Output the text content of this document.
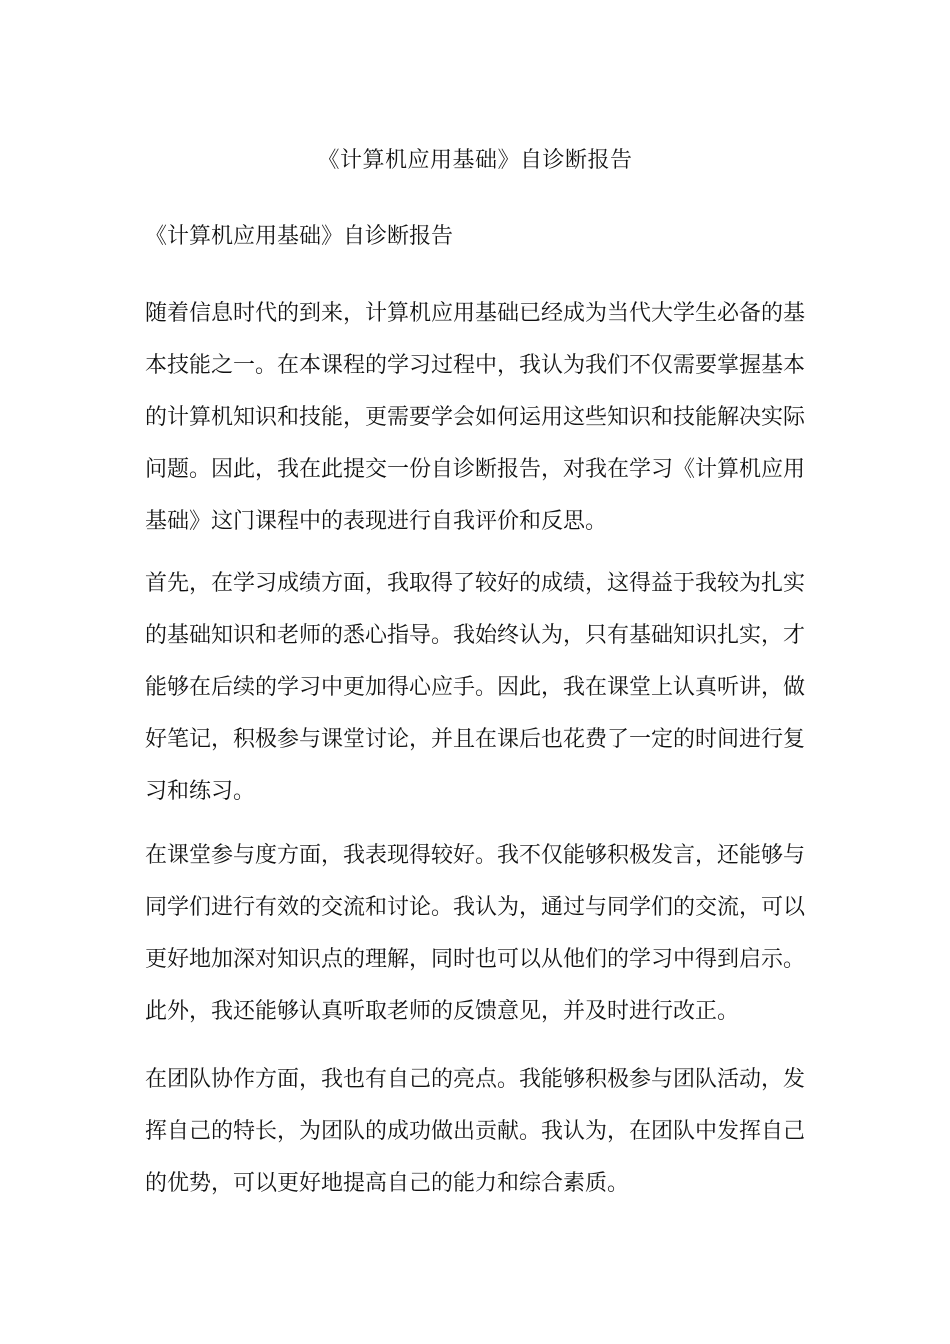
《计算机应用基础》自诊断报告
《计算机应用基础》自诊断报告

随着信息时代的到来，计算机应用基础已经成为当代大学生必备的基本技能之一。在本课程的学习过程中，我认为我们不仅需要掌握基本的计算机知识和技能，更需要学会如何运用这些知识和技能解决实际问题。因此，我在此提交一份自诊断报告，对我在学习《计算机应用基础》这门课程中的表现进行自我评价和反思。

首先，在学习成绩方面，我取得了较好的成绩，这得益于我较为扎实的基础知识和老师的悉心指导。我始终认为，只有基础知识扎实，才能够在后续的学习中更加得心应手。因此，我在课堂上认真听讲，做好笔记，积极参与课堂讨论，并且在课后也花费了一定的时间进行复习和练习。

在课堂参与度方面，我表现得较好。我不仅能够积极发言，还能够与同学们进行有效的交流和讨论。我认为，通过与同学们的交流，可以更好地加深对知识点的理解，同时也可以从他们的学习中得到启示。此外，我还能够认真听取老师的反馈意见，并及时进行改正。

在团队协作方面，我也有自己的亮点。我能够积极参与团队活动，发挥自己的特长，为团队的成功做出贡献。我认为，在团队中发挥自己的优势，可以更好地提高自己的能力和综合素质。
